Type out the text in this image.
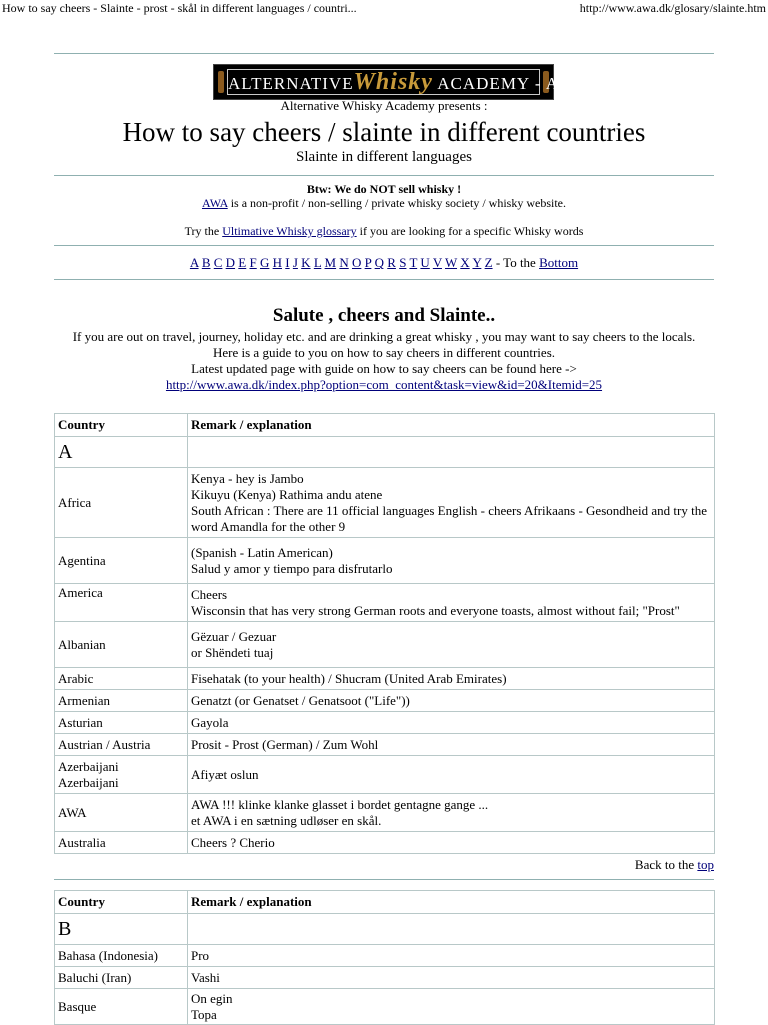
How to say cheers - Slainte - prost - skål in different languages / countri...	http://www.awa.dk/glosary/slainte.htm
ALTERNATIVEWhisky ACADEMY - AWA
Alternative Whisky Academy presents :
How to say cheers / slainte in different countries
Slainte in different languages
Btw: We do NOT sell whisky !
AWA is a non-profit / non-selling / private whisky society / whisky website.
Try the Ultimative Whisky glossary if you are looking for a specific Whisky words
A B C D E F G H I J K L M N O P Q R S T U V W X Y Z - To the Bottom
Salute , cheers and Slainte..
If you are out on travel, journey, holiday etc. and are drinking a great whisky , you may want to say cheers to the locals.
Here is a guide to you on how to say cheers in different countries.
Latest updated page with guide on how to say cheers can be found here ->
http://www.awa.dk/index.php?option=com_content&task=view&id=20&Itemid=25
Country	Remark / explanation
A	

Africa	Kenya - hey is Jambo
Kikuyu (Kenya) Rathima andu atene
South African : There are 11 official languages English - cheers Afrikaans - Gesondheid and try the word Amandla for the other 9

Agentina	(Spanish - Latin American)
Salud y amor y tiempo para disfrutarlo

America	Cheers
Wisconsin that has very strong German roots and everyone toasts, almost without fail; "Prost"

Albanian	Gëzuar / Gezuar
or Shëndeti tuaj

Arabic	Fisehatak (to your health) / Shucram (United Arab Emirates)

Armenian	Genatzt (or Genatset / Genatsoot ("Life"))

Asturian	Gayola

Austrian / Austria	Prosit - Prost (German) / Zum Wohl

Azerbaijani
Azerbaijani	Afiyæt oslun

AWA	AWA !!! klinke klanke glasset i bordet gentagne gange ...
et AWA i en sætning udløser en skål.

Australia	Cheers ? Cherio
Back to the top
Country	Remark / explanation
B	

Bahasa (Indonesia)	Pro

Baluchi (Iran)	Vashi

Basque	On egin
Topa
